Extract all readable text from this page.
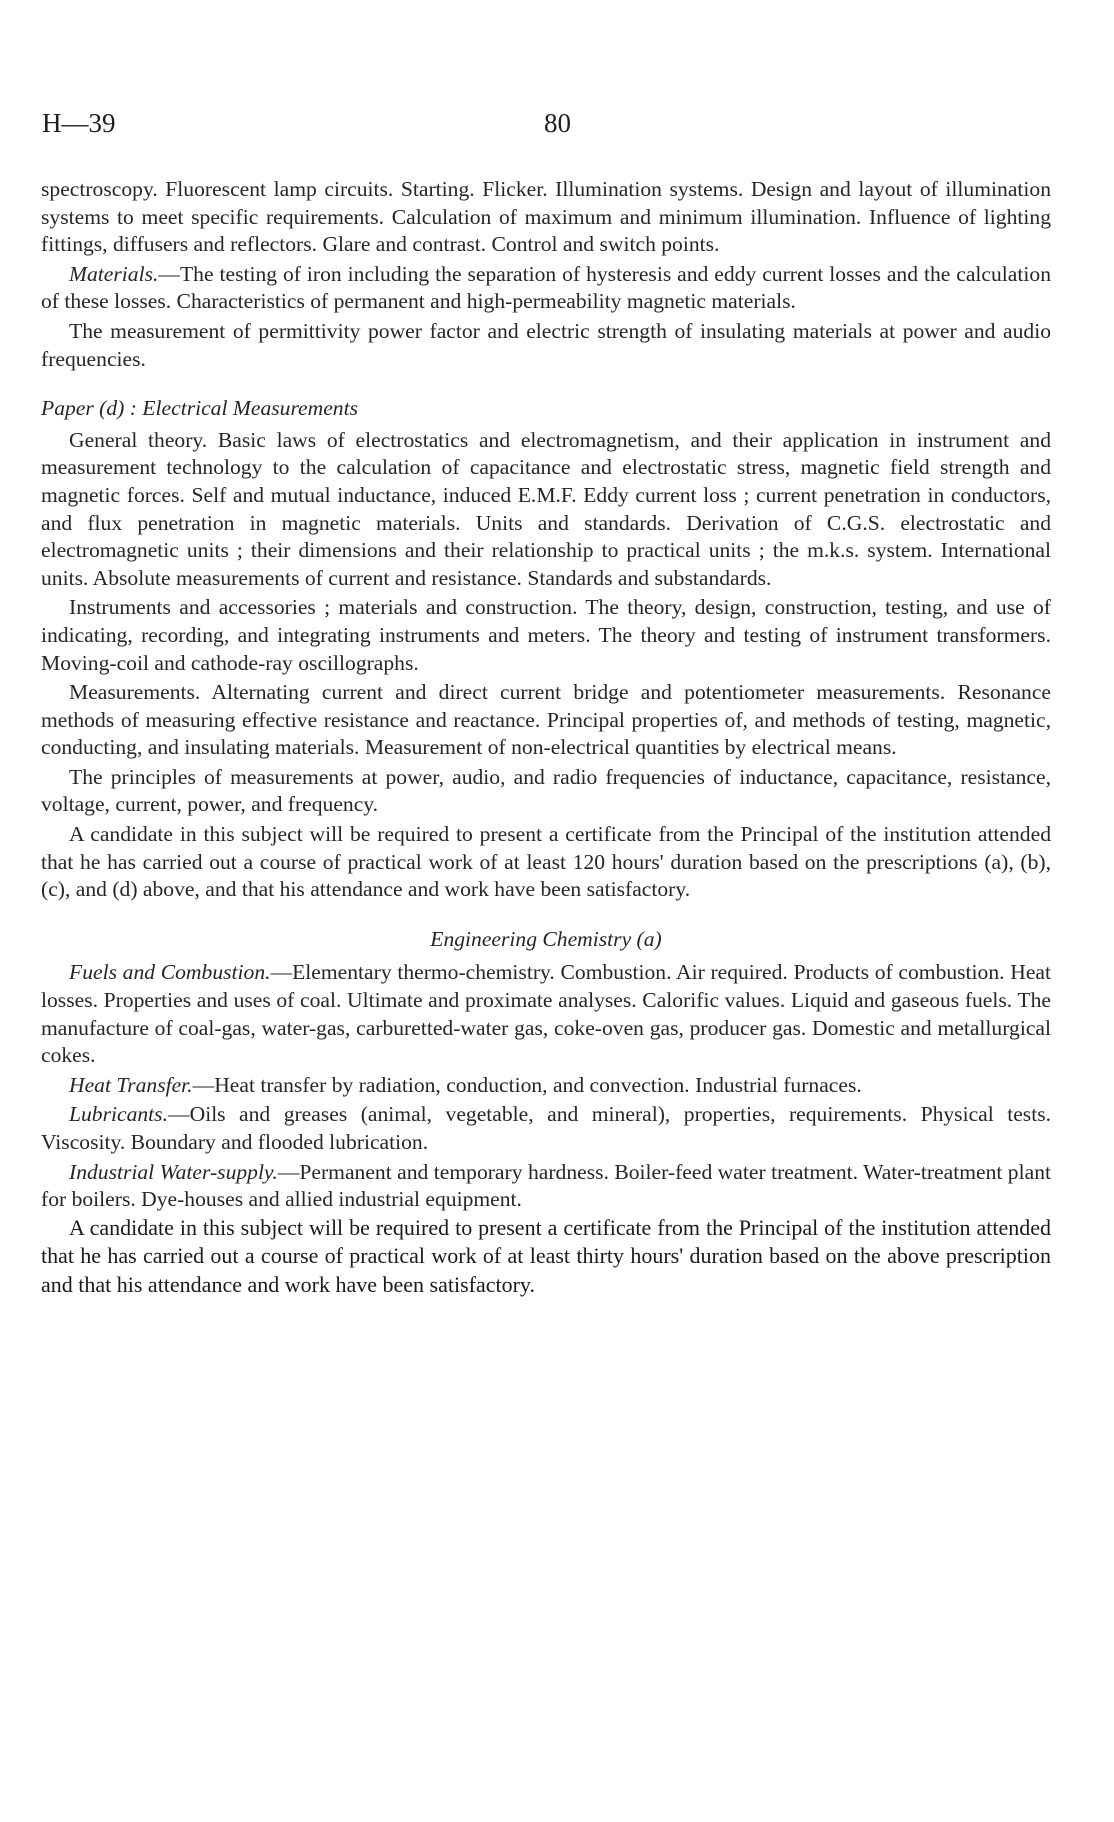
H—39	80

spectroscopy. Fluorescent lamp circuits. Starting. Flicker. Illumination systems. Design and layout of illumination systems to meet specific requirements. Calculation of maximum and minimum illumination. Influence of lighting fittings, diffusers and reflectors. Glare and contrast. Control and switch points.

Materials.—The testing of iron including the separation of hysteresis and eddy current losses and the calculation of these losses. Characteristics of permanent and high-permeability magnetic materials.

The measurement of permittivity power factor and electric strength of insulating materials at power and audio frequencies.

Paper (d) : Electrical Measurements

General theory. Basic laws of electrostatics and electromagnetism, and their application in instrument and measurement technology to the calculation of capacitance and electrostatic stress, magnetic field strength and magnetic forces. Self and mutual inductance, induced E.M.F. Eddy current loss ; current penetration in conductors, and flux penetration in magnetic materials. Units and standards. Derivation of C.G.S. electrostatic and electromagnetic units ; their dimensions and their relationship to practical units ; the m.k.s. system. International units. Absolute measurements of current and resistance. Standards and substandards.

Instruments and accessories ; materials and construction. The theory, design, construction, testing, and use of indicating, recording, and integrating instruments and meters. The theory and testing of instrument transformers. Moving-coil and cathode-ray oscillographs.

Measurements. Alternating current and direct current bridge and potentiometer measurements. Resonance methods of measuring effective resistance and reactance. Principal properties of, and methods of testing, magnetic, conducting, and insulating materials. Measurement of non-electrical quantities by electrical means.

The principles of measurements at power, audio, and radio frequencies of inductance, capacitance, resistance, voltage, current, power, and frequency.

A candidate in this subject will be required to present a certificate from the Principal of the institution attended that he has carried out a course of practical work of at least 120 hours' duration based on the prescriptions (a), (b), (c), and (d) above, and that his attendance and work have been satisfactory.

Engineering Chemistry (a)

Fuels and Combustion.—Elementary thermo-chemistry. Combustion. Air required. Products of combustion. Heat losses. Properties and uses of coal. Ultimate and proximate analyses. Calorific values. Liquid and gaseous fuels. The manufacture of coal-gas, water-gas, carburetted-water gas, coke-oven gas, producer gas. Domestic and metallurgical cokes.

Heat Transfer.—Heat transfer by radiation, conduction, and convection. Industrial furnaces.

Lubricants.—Oils and greases (animal, vegetable, and mineral), properties, requirements. Physical tests. Viscosity. Boundary and flooded lubrication.

Industrial Water-supply.—Permanent and temporary hardness. Boiler-feed water treatment. Water-treatment plant for boilers. Dye-houses and allied industrial equipment.

A candidate in this subject will be required to present a certificate from the Principal of the institution attended that he has carried out a course of practical work of at least thirty hours' duration based on the above prescription and that his attendance and work have been satisfactory.
